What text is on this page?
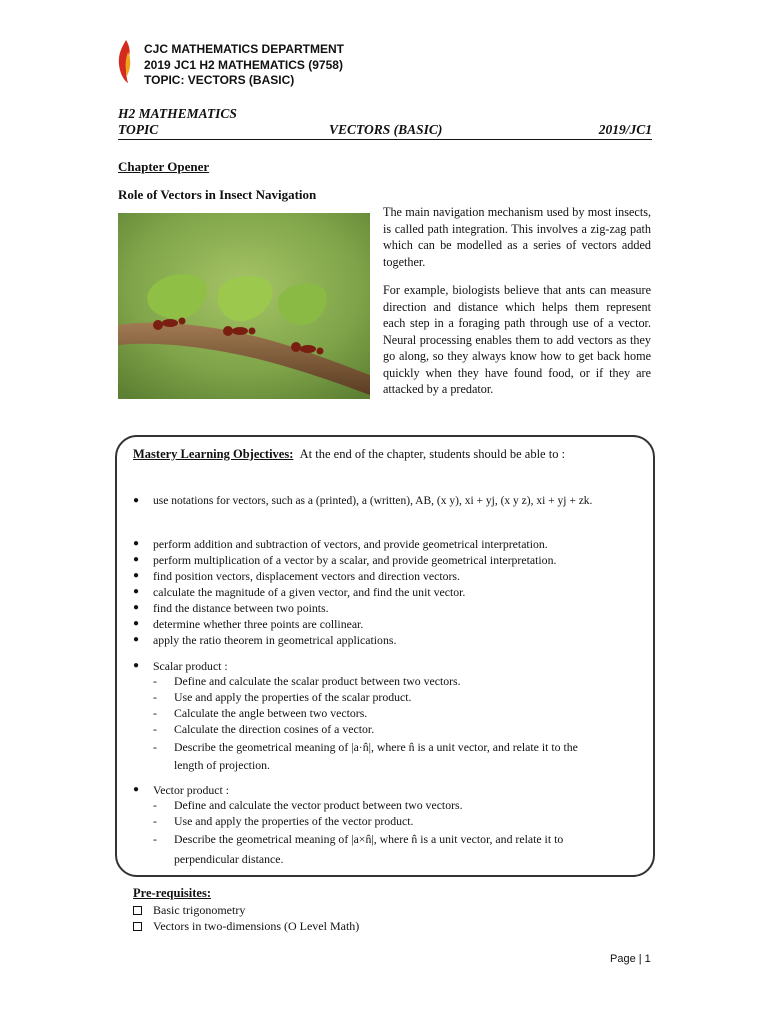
CJC MATHEMATICS DEPARTMENT
2019 JC1 H2 MATHEMATICS (9758)
TOPIC: VECTORS (BASIC)
H2 MATHEMATICS
TOPIC	VECTORS (BASIC)	2019/JC1
Chapter Opener
Role of Vectors in Insect Navigation
The main navigation mechanism used by most insects, is called path integration. This involves a zig-zag path which can be modelled as a series of vectors added together.
For example, biologists believe that ants can measure direction and distance which helps them represent each step in a foraging path through use of a vector. Neural processing enables them to add vectors as they go along, so they always know how to get back home quickly when they have found food, or if they are attacked by a predator.
Mastery Learning Objectives: At the end of the chapter, students should be able to :
● use notations for vectors, such as a (printed), a (written), AB, (x y), xi + yj, (x y z), xi + yj + zk.
● perform addition and subtraction of vectors, and provide geometrical interpretation.
● perform multiplication of a vector by a scalar, and provide geometrical interpretation.
● find position vectors, displacement vectors and direction vectors.
● calculate the magnitude of a given vector, and find the unit vector.
● find the distance between two points.
● determine whether three points are collinear.
● apply the ratio theorem in geometrical applications.
● Scalar product :
- Define and calculate the scalar product between two vectors.
- Use and apply the properties of the scalar product.
- Calculate the angle between two vectors.
- Calculate the direction cosines of a vector.
- Describe the geometrical meaning of |a·n̂|, where n̂ is a unit vector, and relate it to the
length of projection.
● Vector product :
- Define and calculate the vector product between two vectors.
- Use and apply the properties of the vector product.
- Describe the geometrical meaning of |a×n̂|, where n̂ is a unit vector, and relate it to
perpendicular distance.
Pre-requisites:
Basic trigonometry
Vectors in two-dimensions (O Level Math)
Page | 1
